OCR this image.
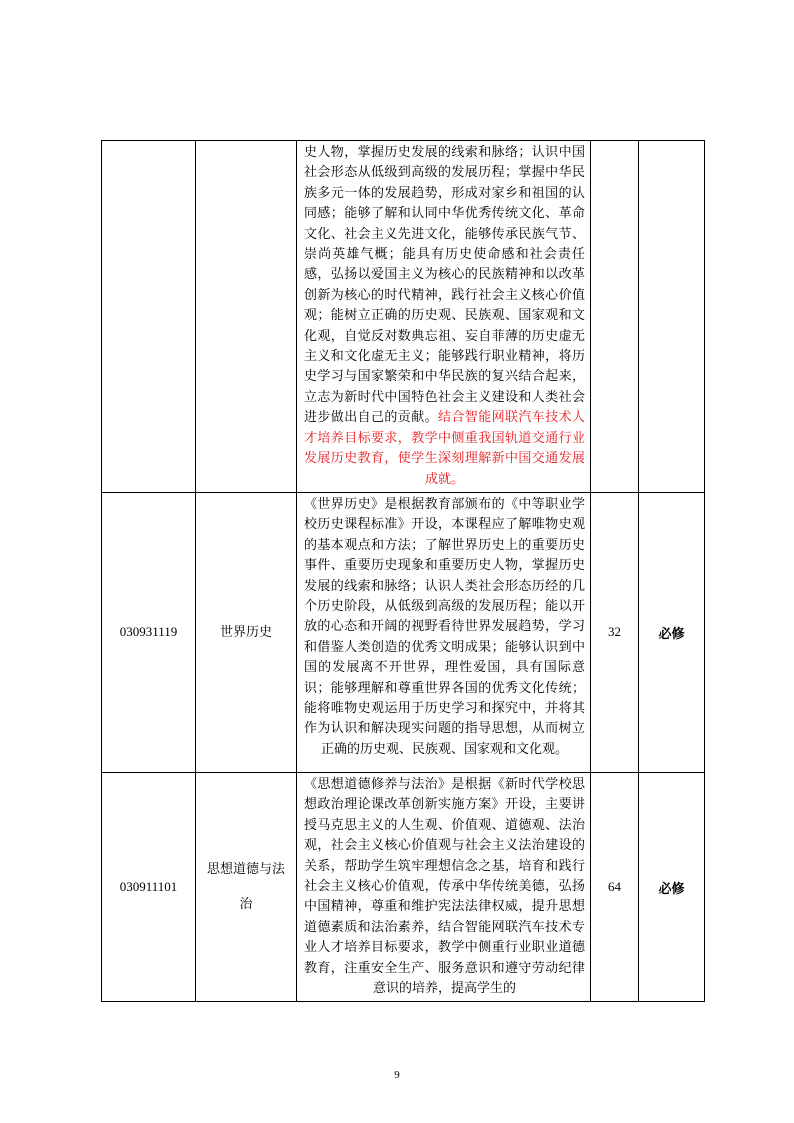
		史人物，掌握历史发展的线索和脉络；认识中国社会形态从低级到高级的发展历程；掌握中华民族多元一体的发展趋势，形成对家乡和祖国的认同感；能够了解和认同中华优秀传统文化、革命文化、社会主义先进文化，能够传承民族气节、崇尚英雄气概；能具有历史使命感和社会责任感，弘扬以爱国主义为核心的民族精神和以改革创新为核心的时代精神，践行社会主义核心价值观；能树立正确的历史观、民族观、国家观和文化观，自觉反对数典忘祖、妄自菲薄的历史虚无主义和文化虚无主义；能够践行职业精神，将历史学习与国家繁荣和中华民族的复兴结合起来，立志为新时代中国特色社会主义建设和人类社会进步做出自己的贡献。结合智能网联汽车技术人才培养目标要求，教学中侧重我国轨道交通行业发展历史教育，使学生深刻理解新中国交通发展成就。		
030931119	世界历史	《世界历史》是根据教育部颁布的《中等职业学校历史课程标准》开设，本课程应了解唯物史观的基本观点和方法；了解世界历史上的重要历史事件、重要历史现象和重要历史人物，掌握历史发展的线索和脉络；认识人类社会形态历经的几个历史阶段，从低级到高级的发展历程；能以开放的心态和开阔的视野看待世界发展趋势，学习和借鉴人类创造的优秀文明成果；能够认识到中国的发展离不开世界，理性爱国，具有国际意识；能够理解和尊重世界各国的优秀文化传统；能将唯物史观运用于历史学习和探究中，并将其作为认识和解决现实问题的指导思想，从而树立正确的历史观、民族观、国家观和文化观。	32	必修
030911101	思想道德与法治	《思想道德修养与法治》是根据《新时代学校思想政治理论课改革创新实施方案》开设，主要讲授马克思主义的人生观、价值观、道德观、法治观，社会主义核心价值观与社会主义法治建设的关系，帮助学生筑牢理想信念之基，培育和践行社会主义核心价值观，传承中华传统美德，弘扬中国精神，尊重和维护宪法法律权威，提升思想道德素质和法治素养，结合智能网联汽车技术专业人才培养目标要求，教学中侧重行业职业道德教育，注重安全生产、服务意识和遵守劳动纪律意识的培养，提高学生的	64	必修
9
